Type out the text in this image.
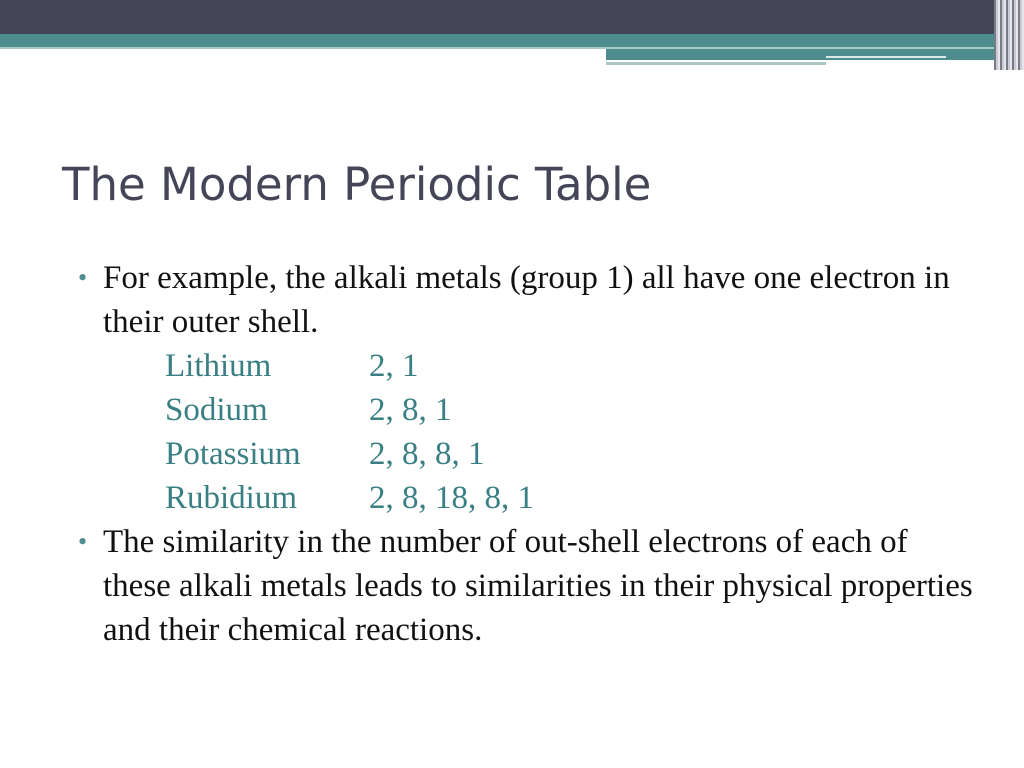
The Modern Periodic Table
• For example, the alkali metals (group 1) all have one electron in their outer shell.
Lithium	2, 1
Sodium	2, 8, 1
Potassium	2, 8, 8, 1
Rubidium	2, 8, 18, 8, 1
• The similarity in the number of out-shell electrons of each of these alkali metals leads to similarities in their physical properties and their chemical reactions.
